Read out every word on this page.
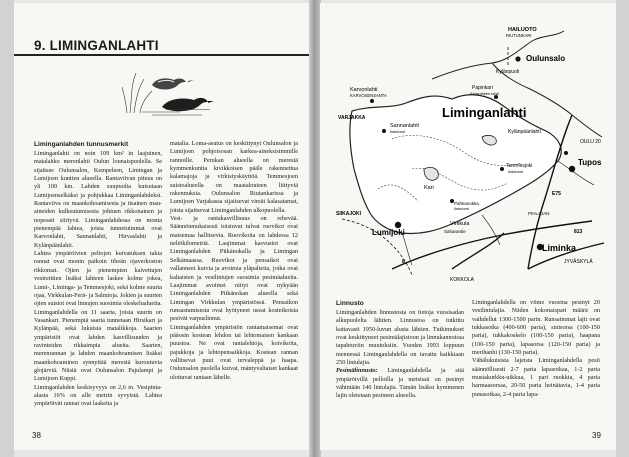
9. LIMINGANLAHTI
Liminganlahden tunnusmerkit

Liminganlahti on noin 109 km² in laajuinen, matalahko merenlahti Oulun lounaispuolella. Se sijaitsee Oulunsalon, Kempeleen, Limingan ja Lumijoen kuntien alueella. Rantaviivan pituus on yli 100 km. Lahden suupuolta kutsutaan Lumijoenselkäksi ja pohjukkaa Liminganlahdeksi. Rantaviiva on maankohoamisesta ja itsainen mau-aineiden kulkeutumisesta johtuen rikkonainen ja nopeasti siirtyvä. Liminganlahdessa on monta pienempää lahtea, joista tunnetuimmat ovat Karvonlahti, Sannanlahti, Hirvaslahti ja Kylänpäänlahti.

Lahtea ympäröivien peltojen kuivatuksen takia rannat ovat monin paikoin tiheän ojaverkoston rikkomat. Ojien ja pienempien kaivettujen vesireittien lisäksi lahteen laskee kolme jokea, Lumi-, Liminga- ja Temmesjoki, sekä kolme suurta ojaa, Virkkulan-Ferä- ja Salmioja. Jokien ja suurten ojien suistot ovat linnujen suosimia oleskelualueita.

Liminganlahdella on 11 saarta, joista suurin on Vasankari. Pienempiä saaria tunnetaan Hirsikari ja Kylänpää, sekä lukuisia matalikkoja. Saarien ympäristöt ovat lahden kasvillisuuden ja ravinteiden rikkaimpia alueita. Saarten, merenrannan ja lahden maankohoamisen lisäksi maankohoaminen synnyttää merestä kuroutuvia glojärviä. Niistä ovat Oulunsalon Pajulampi ja Lumijoen Kuppi.

Liminganlahden keskisyvyys on 2,6 m. Vesipinta-alasta 16% on alle metrin syvyistä. Lahtea ympäröivät rannat ovat laakeita ja

matalia. Loma-asutus on keskittynyt Oulunsalon ja Lumijoen pohjoisosan karkea-aineksisimmille rannoille. Perukan alueella on merestä kymmenkuntia kivikkoisen pääle rakennettua kalamajoja ja virkistyskäyttöä. Temmesjoen suistoalueella on maatalouteen liittyviä rakennuksia. Oulunsalon Riutankarissa ja Lumijoen Varjakassa sijaitsevat vireät kalasatamat, joista sijaitsevat Liminganlahden ulkopuolella.

Vesi- ja rantakasvillisuus on rehevää. Säännönmukaisesti toistuvat tulvat ruovikot ovat maisemaa hallitsevia. Ruovikoita on lahdessa 12 neliökilometriä. Laajimmat kasvustot ovat Liminganlahden Pitkänokalla ja Limingan Selkämaassa. Ruovikot ja pensaikot ovat vallanneet kuivia ja avoimia yläpalteita, jotka ovat kaltaisten ja vesilintujen suosimia pesimäalueita. Laajimmat avoimet niityt ovat nykyään Liminganlahden Pitkänokan alueella sekä Limingan Virkkulan ympäristössä. Pensaikon runsastumisesta ovat hyötyneet useat kosteikoista pesivät varpuslinnut.

Liminganlahden ympäristön rantamaisemat ovat pääosin kostean lehdon tai lehtomaisen kankaan puustoa. Ne ovat rantalehtoja, koivikoita, pajukkoja ja lehtopensaikkoja. Kostean rannan vallitsevat puut ovat tervaleppä ja haapa. Oulunsalon puolella kuivat, mäntyvaltaiset kankaat ulottuvat rantaan lähelle.

38
HAILUOTO
RIUTUNKARI
Oulunsalo
Kylänpuoli
Karvonlahti
KARVOSENSANTA
Papinkari
Kempeleen lahti
VARJAKKA
Sannanlahti
lintutorni
Liminganlahti
Kylänpäänlahti
OULU 20
Tupos
Temmesjoki
lintutorni
Kari
SIIKAJOKI
Lumijoki
Virkkula
Liminka
Saharantie
KOKKOLA
JYVÄSKYLÄ
Pahkanokka
lintutorni
E75
813
8
PIHLAJAN
Linnusto

Liminganlahden linnustosta on tietoja vuosisadan alkupuolelta lähtien. Linnustoa on tutkittu kattavasti 1950-luvun alusta lähtien. Tutkimukset ovat keskittyneet pesimälajistoon ja linnukannoissa tapahtuviin muutoksiin. Vuoden 1993 loppuun mennessä Liminganlahdella on tavattu kaikkiaan 250 lintulajia.

Pesimälinnusto: Liminganlahdella ja sitä ympäröivillä pelloilla ja metsissä on pesinyt vähintään 140 lintulajia. Tämän lisäksi kymmenen lajin oletetaan pesineen alueella.

Liminganlahdella on viime vuosina pesinyt 20 vesilintulajia. Niiden kokonaispari määrä on vaihdellut 1300-1500 parin. Runsaimmat lajit ovat tukkasotka (400-600 paria), sinisorsa (100-150 paria), tukkakoskelo (100-150 paria), haapana (100-150 paria), lapasorsa (120-150 paria) ja merihanhi (130-150 paria).

Vähälukuisista lajeista Liminganlahdella pesii säännöllisesti 2-7 paria lapasotkaa, 1-2 paria mustakurkku-uikkua, 1 pari ruokkia, 4 paria harmaasorsaa, 20-50 paria heinätavia, 1-4 paria punasotkaa, 2-4 paria lapa-

39
